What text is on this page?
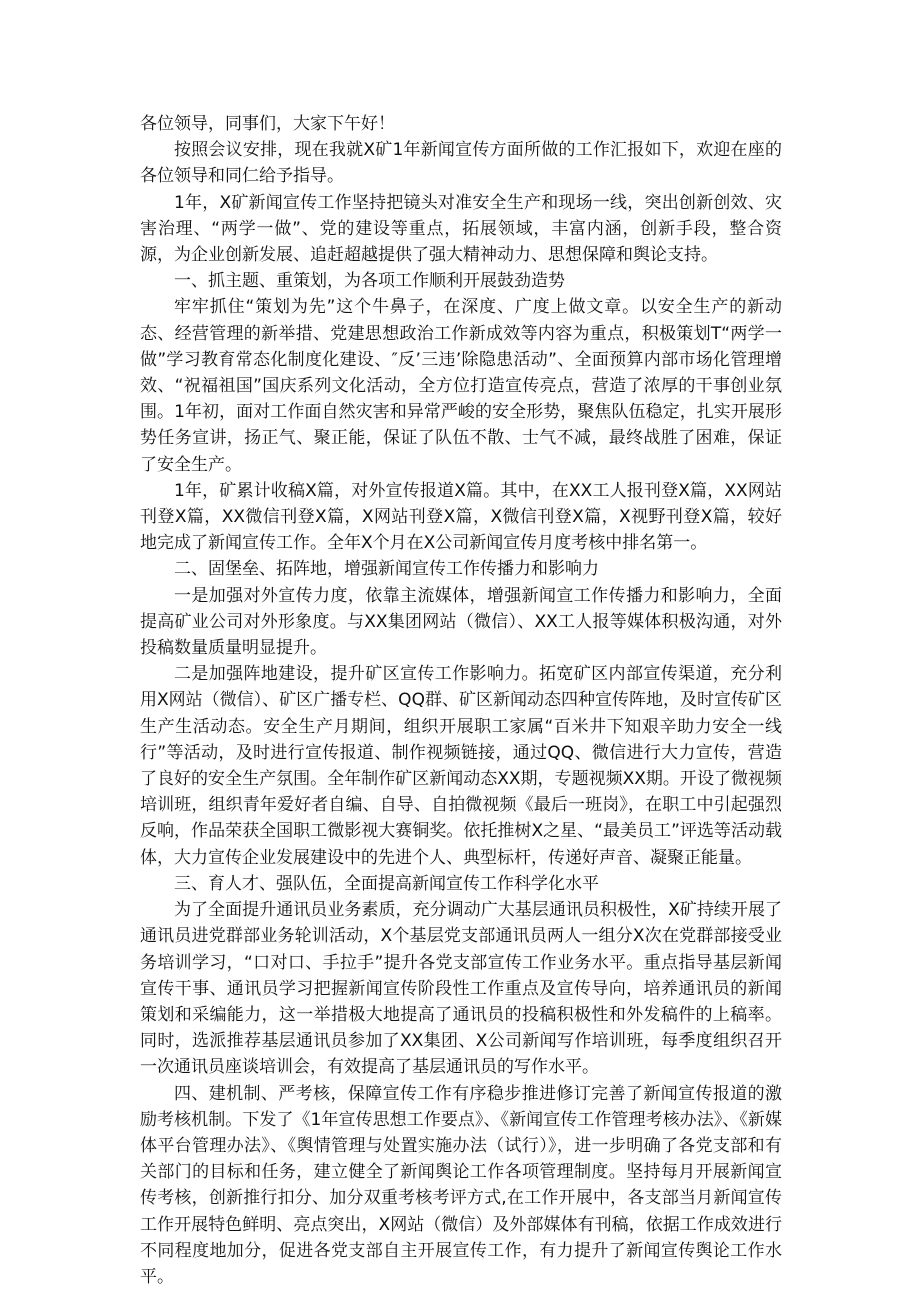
各位领导，同事们，大家下午好！

按照会议安排，现在我就X矿1年新闻宣传方面所做的工作汇报如下，欢迎在座的各位领导和同仁给予指导。

1年，X矿新闻宣传工作坚持把镜头对准安全生产和现场一线，突出创新创效、灾害治理、“两学一做”、党的建设等重点，拓展领域，丰富内涵，创新手段，整合资源，为企业创新发展、追赶超越提供了强大精神动力、思想保障和舆论支持。

一、抓主题、重策划，为各项工作顺利开展鼓劲造势

牢牢抓住“策划为先”这个牛鼻子，在深度、广度上做文章。以安全生产的新动态、经营管理的新举措、党建思想政治工作新成效等内容为重点，积极策划T“两学一做”学习教育常态化制度化建设、″反’三违’除隐患活动”、全面预算内部市场化管理增效、“祝福祖国”国庆系列文化活动，全方位打造宣传亮点，营造了浓厚的干事创业氛围。1年初，面对工作面自然灾害和异常严峻的安全形势，聚焦队伍稳定，扎实开展形势任务宣讲，扬正气、聚正能，保证了队伍不散、士气不减，最终战胜了困难，保证了安全生产。

1年，矿累计收稿X篇，对外宣传报道X篇。其中，在XX工人报刊登X篇，XX网站刊登X篇，XX微信刊登X篇，X网站刊登X篇，X微信刊登X篇，X视野刊登X篇，较好地完成了新闻宣传工作。全年X个月在X公司新闻宣传月度考核中排名第一。

二、固堡垒、拓阵地，增强新闻宣传工作传播力和影响力

一是加强对外宣传力度，依靠主流媒体，增强新闻宣工作传播力和影响力，全面提高矿业公司对外形象度。与XX集团网站（微信）、XX工人报等媒体积极沟通，对外投稿数量质量明显提升。

二是加强阵地建设，提升矿区宣传工作影响力。拓宽矿区内部宣传渠道，充分利用X网站（微信）、矿区广播专栏、QQ群、矿区新闻动态四种宣传阵地，及时宣传矿区生产生活动态。安全生产月期间，组织开展职工家属“百米井下知艰辛助力安全一线行”等活动，及时进行宣传报道、制作视频链接，通过QQ、微信进行大力宣传，营造了良好的安全生产氛围。全年制作矿区新闻动态XX期，专题视频XX期。开设了微视频培训班，组织青年爱好者自编、自导、自拍微视频《最后一班岗》，在职工中引起强烈反响，作品荣获全国职工微影视大赛铜奖。依托推树X之星、“最美员工”评选等活动载体，大力宣传企业发展建设中的先进个人、典型标杆，传递好声音、凝聚正能量。

三、育人才、强队伍，全面提高新闻宣传工作科学化水平

为了全面提升通讯员业务素质，充分调动广大基层通讯员积极性，X矿持续开展了通讯员进党群部业务轮训活动，X个基层党支部通讯员两人一组分X次在党群部接受业务培训学习，“口对口、手拉手”提升各党支部宣传工作业务水平。重点指导基层新闻宣传干事、通讯员学习把握新闻宣传阶段性工作重点及宣传导向，培养通讯员的新闻策划和采编能力，这一举措极大地提高了通讯员的投稿积极性和外发稿件的上稿率。同时，选派推荐基层通讯员参加了XX集团、X公司新闻写作培训班，每季度组织召开一次通讯员座谈培训会，有效提高了基层通讯员的写作水平。

四、建机制、严考核，保障宣传工作有序稳步推进修订完善了新闻宣传报道的激励考核机制。下发了《1年宣传思想工作要点》、《新闻宣传工作管理考核办法》、《新媒体平台管理办法》、《舆情管理与处置实施办法（试行）》，进一步明确了各党支部和有关部门的目标和任务，建立健全了新闻舆论工作各项管理制度。坚持每月开展新闻宣传考核，创新推行扣分、加分双重考核考评方式,在工作开展中，各支部当月新闻宣传工作开展特色鲜明、亮点突出，X网站（微信）及外部媒体有刊稿，依据工作成效进行不同程度地加分，促进各党支部自主开展宣传工作，有力提升了新闻宣传舆论工作水平。
